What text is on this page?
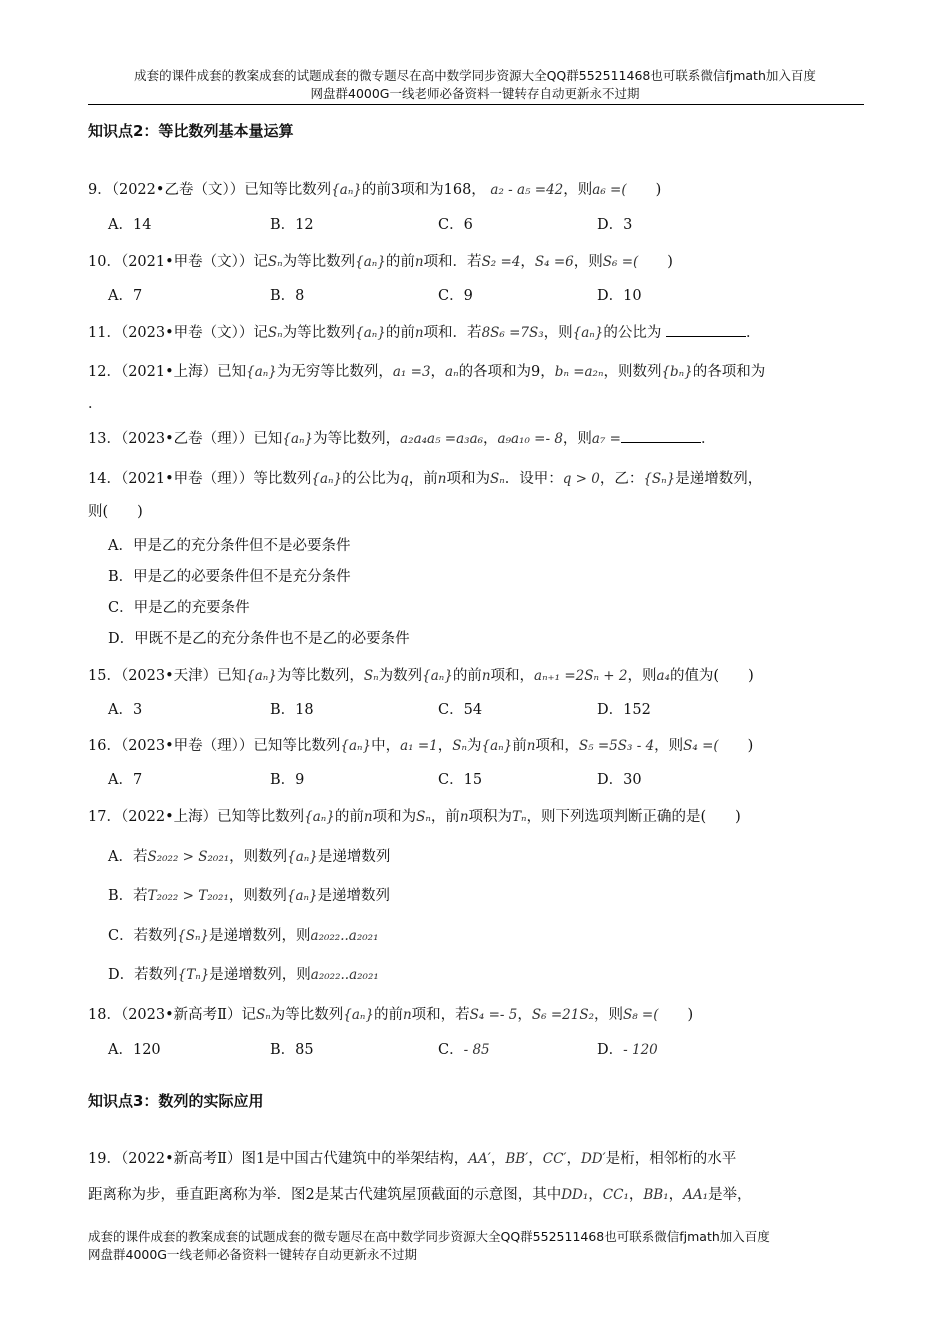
成套的课件成套的教案成套的试题成套的微专题尽在高中数学同步资源大全QQ群552511468也可联系微信fjmath加入百度
网盘群4000G一线老师必备资料一键转存自动更新永不过期
知识点2：等比数列基本量运算
9．（2022•乙卷（文））已知等比数列{aₙ}的前3项和为168， a₂ - a₅ =42，则a₆ =(　　)
A．14	B．12	C．6	D．3
10．（2021•甲卷（文））记Sₙ为等比数列{aₙ}的前n项和．若S₂ =4，S₄ =6，则S₆ =(　　)
A．7	B．8	C．9	D．10
11．（2023•甲卷（文））记Sₙ为等比数列{aₙ}的前n项和．若8S₆ =7S₃，则{aₙ}的公比为	．
12．（2021•上海）已知{aₙ}为无穷等比数列，a₁ =3，aₙ的各项和为9，bₙ =a₂ₙ，则数列{bₙ}的各项和为
．
13．（2023•乙卷（理））已知{aₙ}为等比数列，a₂a₄a₅ =a₃a₆，a₉a₁₀ =- 8，则a₇ =	．
14．（2021•甲卷（理））等比数列{aₙ}的公比为q，前n项和为Sₙ．设甲：q > 0，乙：{Sₙ}是递增数列，
则(　　)
A．甲是乙的充分条件但不是必要条件
B．甲是乙的必要条件但不是充分条件
C．甲是乙的充要条件
D．甲既不是乙的充分条件也不是乙的必要条件
15．（2023•天津）已知{aₙ}为等比数列，Sₙ为数列{aₙ}的前n项和，aₙ₊₁ =2Sₙ + 2，则a₄的值为(　　)
A．3	B．18	C．54	D．152
16．（2023•甲卷（理））已知等比数列{aₙ}中，a₁ =1，Sₙ为{aₙ}前n项和，S₅ =5S₃ - 4，则S₄ =(　　)
A．7	B．9	C．15	D．30
17．（2022•上海）已知等比数列{aₙ}的前n项和为Sₙ，前n项积为Tₙ，则下列选项判断正确的是(　　)
A．若S₂₀₂₂ > S₂₀₂₁，则数列{aₙ}是递增数列
B．若T₂₀₂₂ > T₂₀₂₁，则数列{aₙ}是递增数列
C．若数列{Sₙ}是递增数列，则a₂₀₂₂..a₂₀₂₁
D．若数列{Tₙ}是递增数列，则a₂₀₂₂..a₂₀₂₁
18．（2023•新高考Ⅱ）记Sₙ为等比数列{aₙ}的前n项和，若S₄ =- 5，S₆ =21S₂，则S₈ =(　　)
A．120	B．85	C．- 85	D．- 120
知识点3：数列的实际应用
19．（2022•新高考Ⅱ）图1是中国古代建筑中的举架结构，AA′，BB′，CC′，DD′是桁，相邻桁的水平
距离称为步，垂直距离称为举．图2是某古代建筑屋顶截面的示意图，其中DD₁，CC₁，BB₁，AA₁是举，
成套的课件成套的教案成套的试题成套的微专题尽在高中数学同步资源大全QQ群552511468也可联系微信fjmath加入百度
网盘群4000G一线老师必备资料一键转存自动更新永不过期
